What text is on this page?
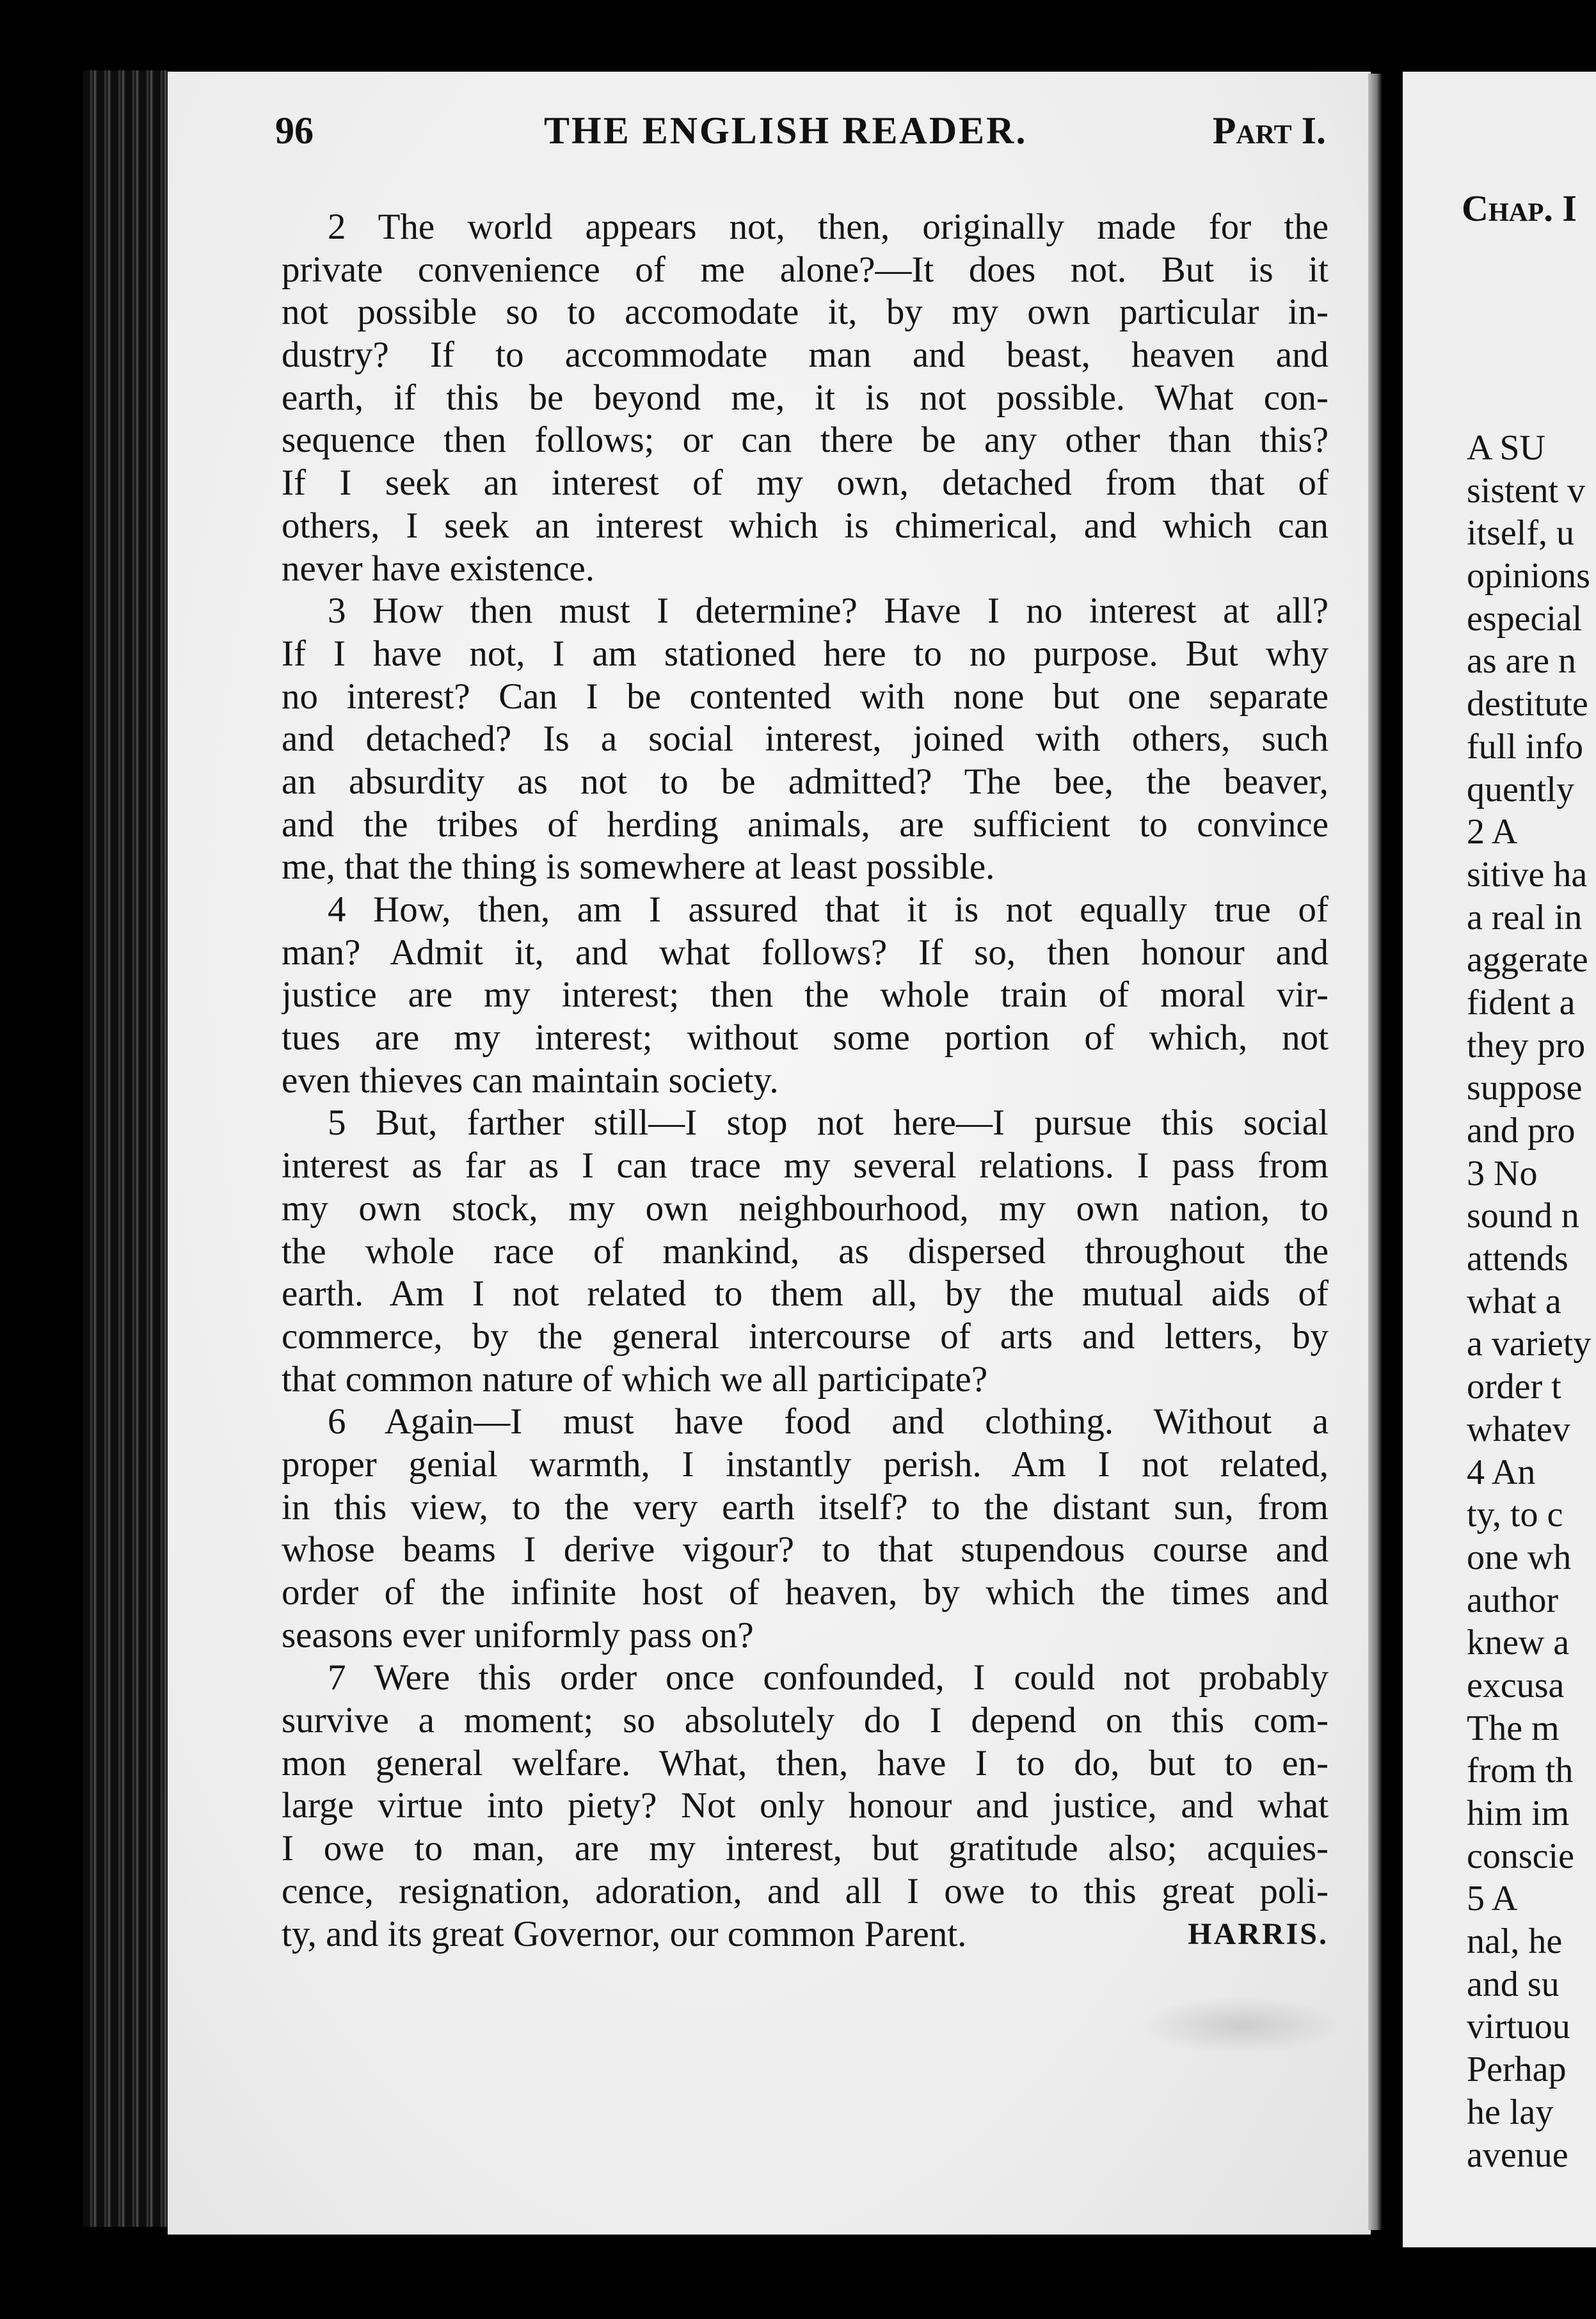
96	THE ENGLISH READER.	Part I.
2 The world appears not, then, originally made for the
private convenience of me alone?—It does not. But is it
not possible so to accomodate it, by my own particular in-
dustry? If to accommodate man and beast, heaven and
earth, if this be beyond me, it is not possible. What con-
sequence then follows; or can there be any other than this?
If I seek an interest of my own, detached from that of
others, I seek an interest which is chimerical, and which can
never have existence.
3 How then must I determine? Have I no interest at all?
If I have not, I am stationed here to no purpose. But why
no interest? Can I be contented with none but one separate
and detached? Is a social interest, joined with others, such
an absurdity as not to be admitted? The bee, the beaver,
and the tribes of herding animals, are sufficient to convince
me, that the thing is somewhere at least possible.
4 How, then, am I assured that it is not equally true of
man? Admit it, and what follows? If so, then honour and
justice are my interest; then the whole train of moral vir-
tues are my interest; without some portion of which, not
even thieves can maintain society.
5 But, farther still—I stop not here—I pursue this social
interest as far as I can trace my several relations. I pass from
my own stock, my own neighbourhood, my own nation, to
the whole race of mankind, as dispersed throughout the
earth. Am I not related to them all, by the mutual aids of
commerce, by the general intercourse of arts and letters, by
that common nature of which we all participate?
6 Again—I must have food and clothing. Without a
proper genial warmth, I instantly perish. Am I not related,
in this view, to the very earth itself? to the distant sun, from
whose beams I derive vigour? to that stupendous course and
order of the infinite host of heaven, by which the times and
seasons ever uniformly pass on?
7 Were this order once confounded, I could not probably
survive a moment; so absolutely do I depend on this com-
mon general welfare. What, then, have I to do, but to en-
large virtue into piety? Not only honour and justice, and what
I owe to man, are my interest, but gratitude also; acquies-
cence, resignation, adoration, and all I owe to this great poli-
ty, and its great Governor, our common Parent.	HARRIS.
Chap. I
A SU
sistent v
itself, u
opinions
especial
as are n
destitute
full info
quently
2 A
sitive ha
a real in
aggerate
fident a
they pro
suppose
and pro
3 No
sound n
attends
what a
a variety
order t
whatev
4 An
ty, to c
one wh
author
knew a
excusa
The m
from th
him im
conscie
5 A
nal, he
and su
virtuou
Perhap
he lay
avenue
